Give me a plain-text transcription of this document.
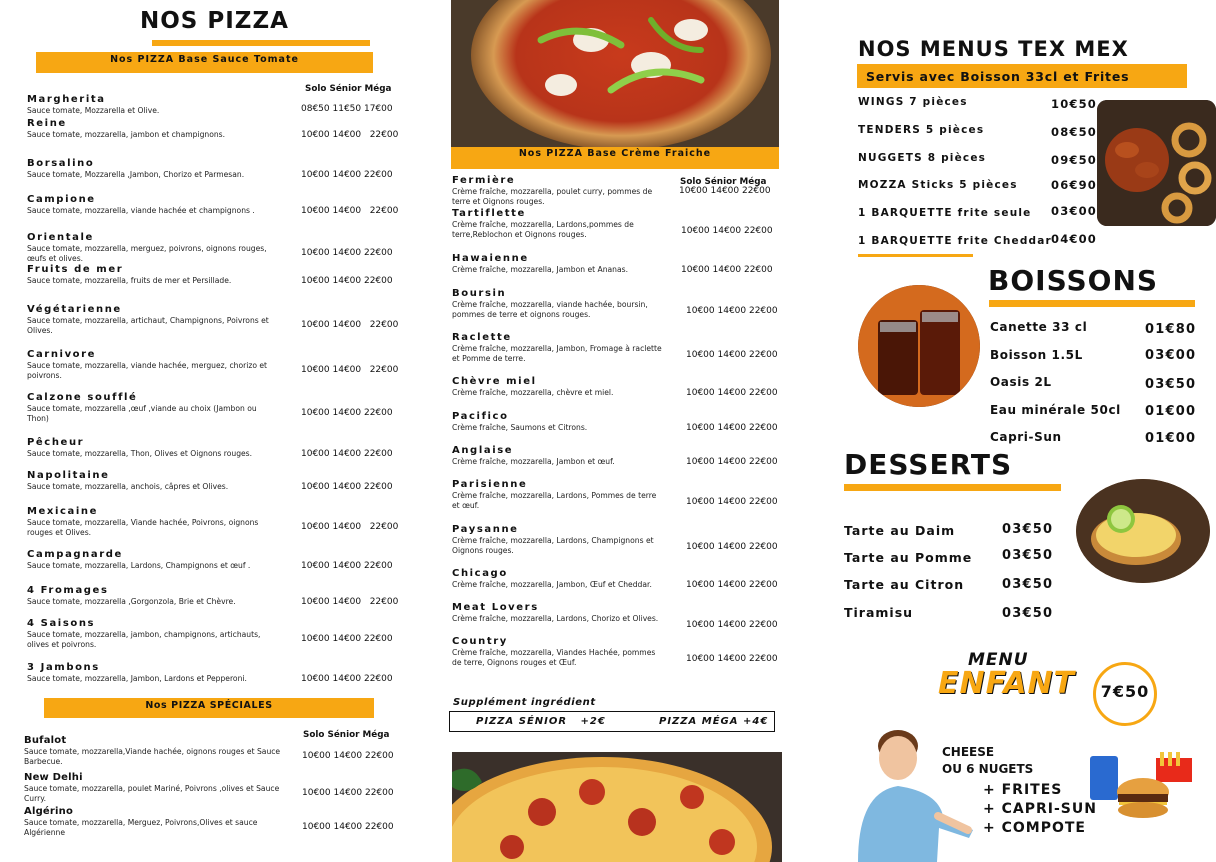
NOS PIZZA
Nos PIZZA Base Sauce Tomate
Solo Sénior Méga
Margherita
Sauce tomate, Mozzarella et Olive.	08€50 11€50 17€00
Reine
Sauce tomate, mozzarella, jambon et champignons.	10€00 14€00   22€00
Borsalino
Sauce tomate, Mozzarella ,Jambon, Chorizo et Parmesan.	10€00 14€00 22€00
Campione
Sauce tomate, mozzarella, viande hachée et champignons .	10€00 14€00   22€00
Orientale
Sauce tomate, mozzarella, merguez, poivrons, oignons rouges, œufs et olives.
10€00 14€00 22€00
Fruits de mer
Sauce tomate, mozzarella, fruits de mer et Persillade.	10€00 14€00 22€00
Végétarienne
Sauce tomate, mozzarella, artichaut, Champignons, Poivrons et Olives.
10€00 14€00   22€00
Carnivore
Sauce tomate, mozzarella, viande hachée, merguez, chorizo et poivrons.
10€00 14€00   22€00
Calzone soufflé
Sauce tomate, mozzarella ,œuf ,viande au choix (Jambon ou Thon)
10€00 14€00 22€00
Pêcheur
Sauce tomate, mozzarella, Thon, Olives et Oignons rouges.	10€00 14€00 22€00
Napolitaine
Sauce tomate, mozzarella, anchois, câpres et Olives.	10€00 14€00 22€00
Mexicaine
Sauce tomate, mozzarella, Viande hachée, Poivrons, oignons rouges et Olives.
10€00 14€00   22€00
Campagnarde
Sauce tomate, mozzarella, Lardons, Champignons et œuf .	10€00 14€00 22€00
4 Fromages
Sauce tomate, mozzarella ,Gorgonzola, Brie et Chèvre.	10€00 14€00   22€00
4 Saisons
Sauce tomate, mozzarella, jambon, champignons, artichauts, olives et poivrons.
10€00 14€00 22€00
3 Jambons
Sauce tomate, mozzarella, Jambon, Lardons et Pepperoni.	10€00 14€00 22€00
Nos PIZZA SPÉCIALES
Solo Sénior Méga
Bufalot
Sauce tomate, mozzarella,Viande hachée, oignons rouges et Sauce Barbecue.
10€00 14€00 22€00
New Delhi
Sauce tomate, mozzarella, poulet Mariné, Poivrons ,olives et Sauce Curry.
10€00 14€00 22€00
Algérino
Sauce tomate, mozzarella, Merguez, Poivrons,Olives et sauce Algérienne
10€00 14€00 22€00
Nos PIZZA Base Crème Fraiche
Solo Sénior Méga
Fermière
Crème fraîche, mozzarella, poulet curry, pommes de terre et Oignons rouges.
10€00 14€00 22€00
Tartiflette
Crème fraîche, mozzarella, Lardons,pommes de terre,Reblochon et Oignons rouges.	10€00 14€00 22€00
Hawaienne
Crème fraîche, mozzarella, Jambon et Ananas.	10€00 14€00 22€00
Boursin
Crème fraîche, mozzarella, viande hachée, boursin, pommes de terre et oignons rouges.	10€00 14€00 22€00
Raclette
Crème fraîche, mozzarella, Jambon, Fromage à raclette et Pomme de terre.	10€00 14€00 22€00
Chèvre miel
Crème fraîche, mozzarella, chèvre et miel.	10€00 14€00 22€00
Pacifico
Crème fraîche, Saumons et Citrons.	10€00 14€00 22€00
Anglaise
Crème fraîche, mozzarella, Jambon et œuf.	10€00 14€00 22€00
Parisienne
Crème fraîche, mozzarella, Lardons, Pommes de terre et œuf.	10€00 14€00 22€00
Paysanne
Crème fraîche, mozzarella, Lardons, Champignons et Oignons rouges.	10€00 14€00 22€00
Chicago
Crème fraîche, mozzarella, Jambon, Œuf et Cheddar.	10€00 14€00 22€00
Meat Lovers
Crème fraîche, mozzarella, Lardons, Chorizo et Olives.
10€00 14€00 22€00
Country
Crème fraîche, mozzarella, Viandes Hachée, pommes de terre, Oignons rouges et Œuf.	10€00 14€00 22€00
Supplément ingrédient
PIZZA SÉNIOR   +2€	PIZZA MÉGA +4€
NOS MENUS TEX MEX
Servis avec Boisson 33cl et Frites
WINGS 7 pièces	10€50
TENDERS 5 pièces	08€50
NUGGETS 8 pièces	09€50
MOZZA Sticks 5 pièces	06€90
1 BARQUETTE frite seule 03€00
1 BARQUETTE frite Cheddar 04€00
BOISSONS
Canette 33 cl	01€80
Boisson 1.5L	03€00
Oasis 2L	03€50
Eau minérale 50cl 01€00
Capri-Sun	01€00
DESSERTS
Tarte au Daim	03€50
Tarte au Pomme 03€50
Tarte au Citron	03€50
Tiramisu	03€50
MENU
ENFANT	7€50
CHEESE
OU 6 NUGETS
+ FRITES
+ CAPRI-SUN
+ COMPOTE
